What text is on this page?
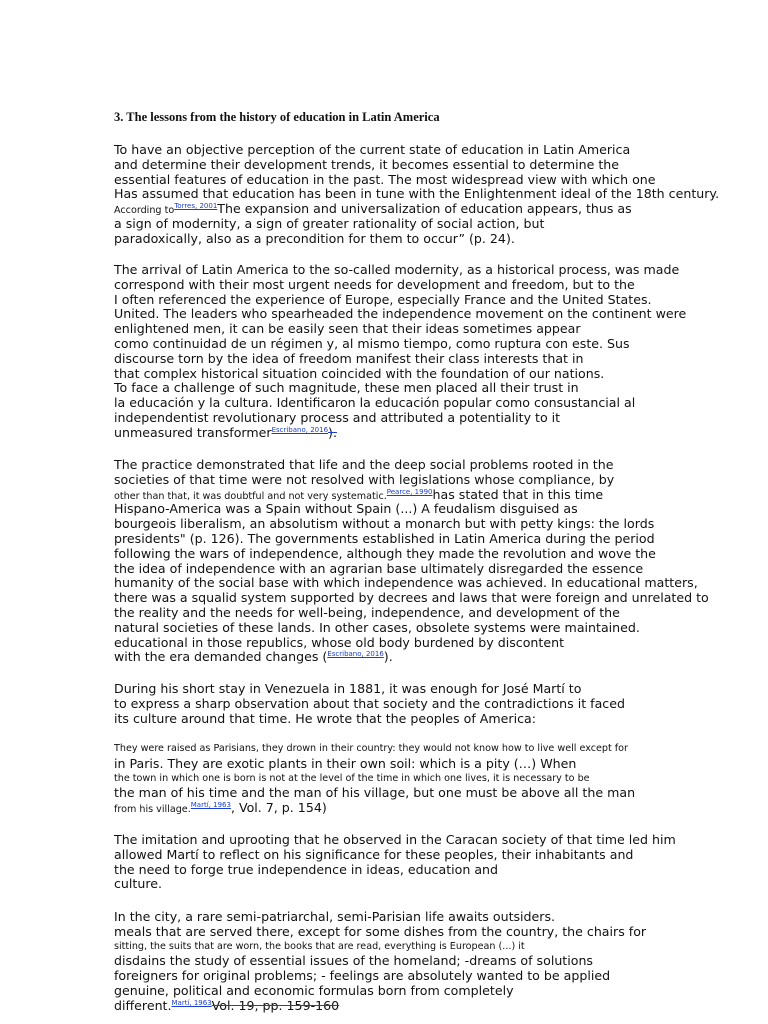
3. The lessons from the history of education in Latin America
To have an objective perception of the current state of education in Latin America
and determine their development trends, it becomes essential to determine the
essential features of education in the past. The most widespread view with which one
Has assumed that education has been in tune with the Enlightenment ideal of the 18th century.
According to$^{Torres, 2001}$The expansion and universalization of education appears, thus as
a sign of modernity, a sign of greater rationality of social action, but
paradoxically, also as a precondition for them to occur” (p. 24).
The arrival of Latin America to the so-called modernity, as a historical process, was made
correspond with their most urgent needs for development and freedom, but to the
I often referenced the experience of Europe, especially France and the United States.
United. The leaders who spearheaded the independence movement on the continent were
enlightened men, it can be easily seen that their ideas sometimes appear
como continuidad de un régimen y, al mismo tiempo, como ruptura con este. Sus
discourse torn by the idea of freedom manifest their class interests that in
that complex historical situation coincided with the foundation of our nations.
To face a challenge of such magnitude, these men placed all their trust in
la educación y la cultura. Identificaron la educación popular como consustancial al
independentist revolutionary process and attributed a potentiality to it
unmeasured transformer$^{Escribano, 2016}$).
The practice demonstrated that life and the deep social problems rooted in the
societies of that time were not resolved with legislations whose compliance, by
other than that, it was doubtful and not very systematic.$^{Pearce, 1990}$has stated that in this time
Hispano-America was a Spain without Spain (...) A feudalism disguised as
bourgeois liberalism, an absolutism without a monarch but with petty kings: the lords
presidents" (p. 126). The governments established in Latin America during the period
following the wars of independence, although they made the revolution and wove the
the idea of independence with an agrarian base ultimately disregarded the essence
humanity of the social base with which independence was achieved. In educational matters,
there was a squalid system supported by decrees and laws that were foreign and unrelated to
the reality and the needs for well-being, independence, and development of the
natural societies of these lands. In other cases, obsolete systems were maintained.
educational in those republics, whose old body burdened by discontent
with the era demanded changes ($^{Escribano, 2016}$).
During his short stay in Venezuela in 1881, it was enough for José Martí to
to express a sharp observation about that society and the contradictions it faced
its culture around that time. He wrote that the peoples of America:
They were raised as Parisians, they drown in their country: they would not know how to live well except for
in Paris. They are exotic plants in their own soil: which is a pity (…) When
the town in which one is born is not at the level of the time in which one lives, it is necessary to be
the man of his time and the man of his village, but one must be above all the man
from his village.$^{Martí, 1963}$, Vol. 7, p. 154)
The imitation and uprooting that he observed in the Caracan society of that time led him
allowed Martí to reflect on his significance for these peoples, their inhabitants and
the need to forge true independence in ideas, education and
culture.
In the city, a rare semi-patriarchal, semi-Parisian life awaits outsiders.
meals that are served there, except for some dishes from the country, the chairs for
sitting, the suits that are worn, the books that are read, everything is European (...) it
disdains the study of essential issues of the homeland; -dreams of solutions
foreigners for original problems; - feelings are absolutely wanted to be applied
genuine, political and economic formulas born from completely
different.$^{Martí, 1963}$Vol. 19, pp. 159-160
